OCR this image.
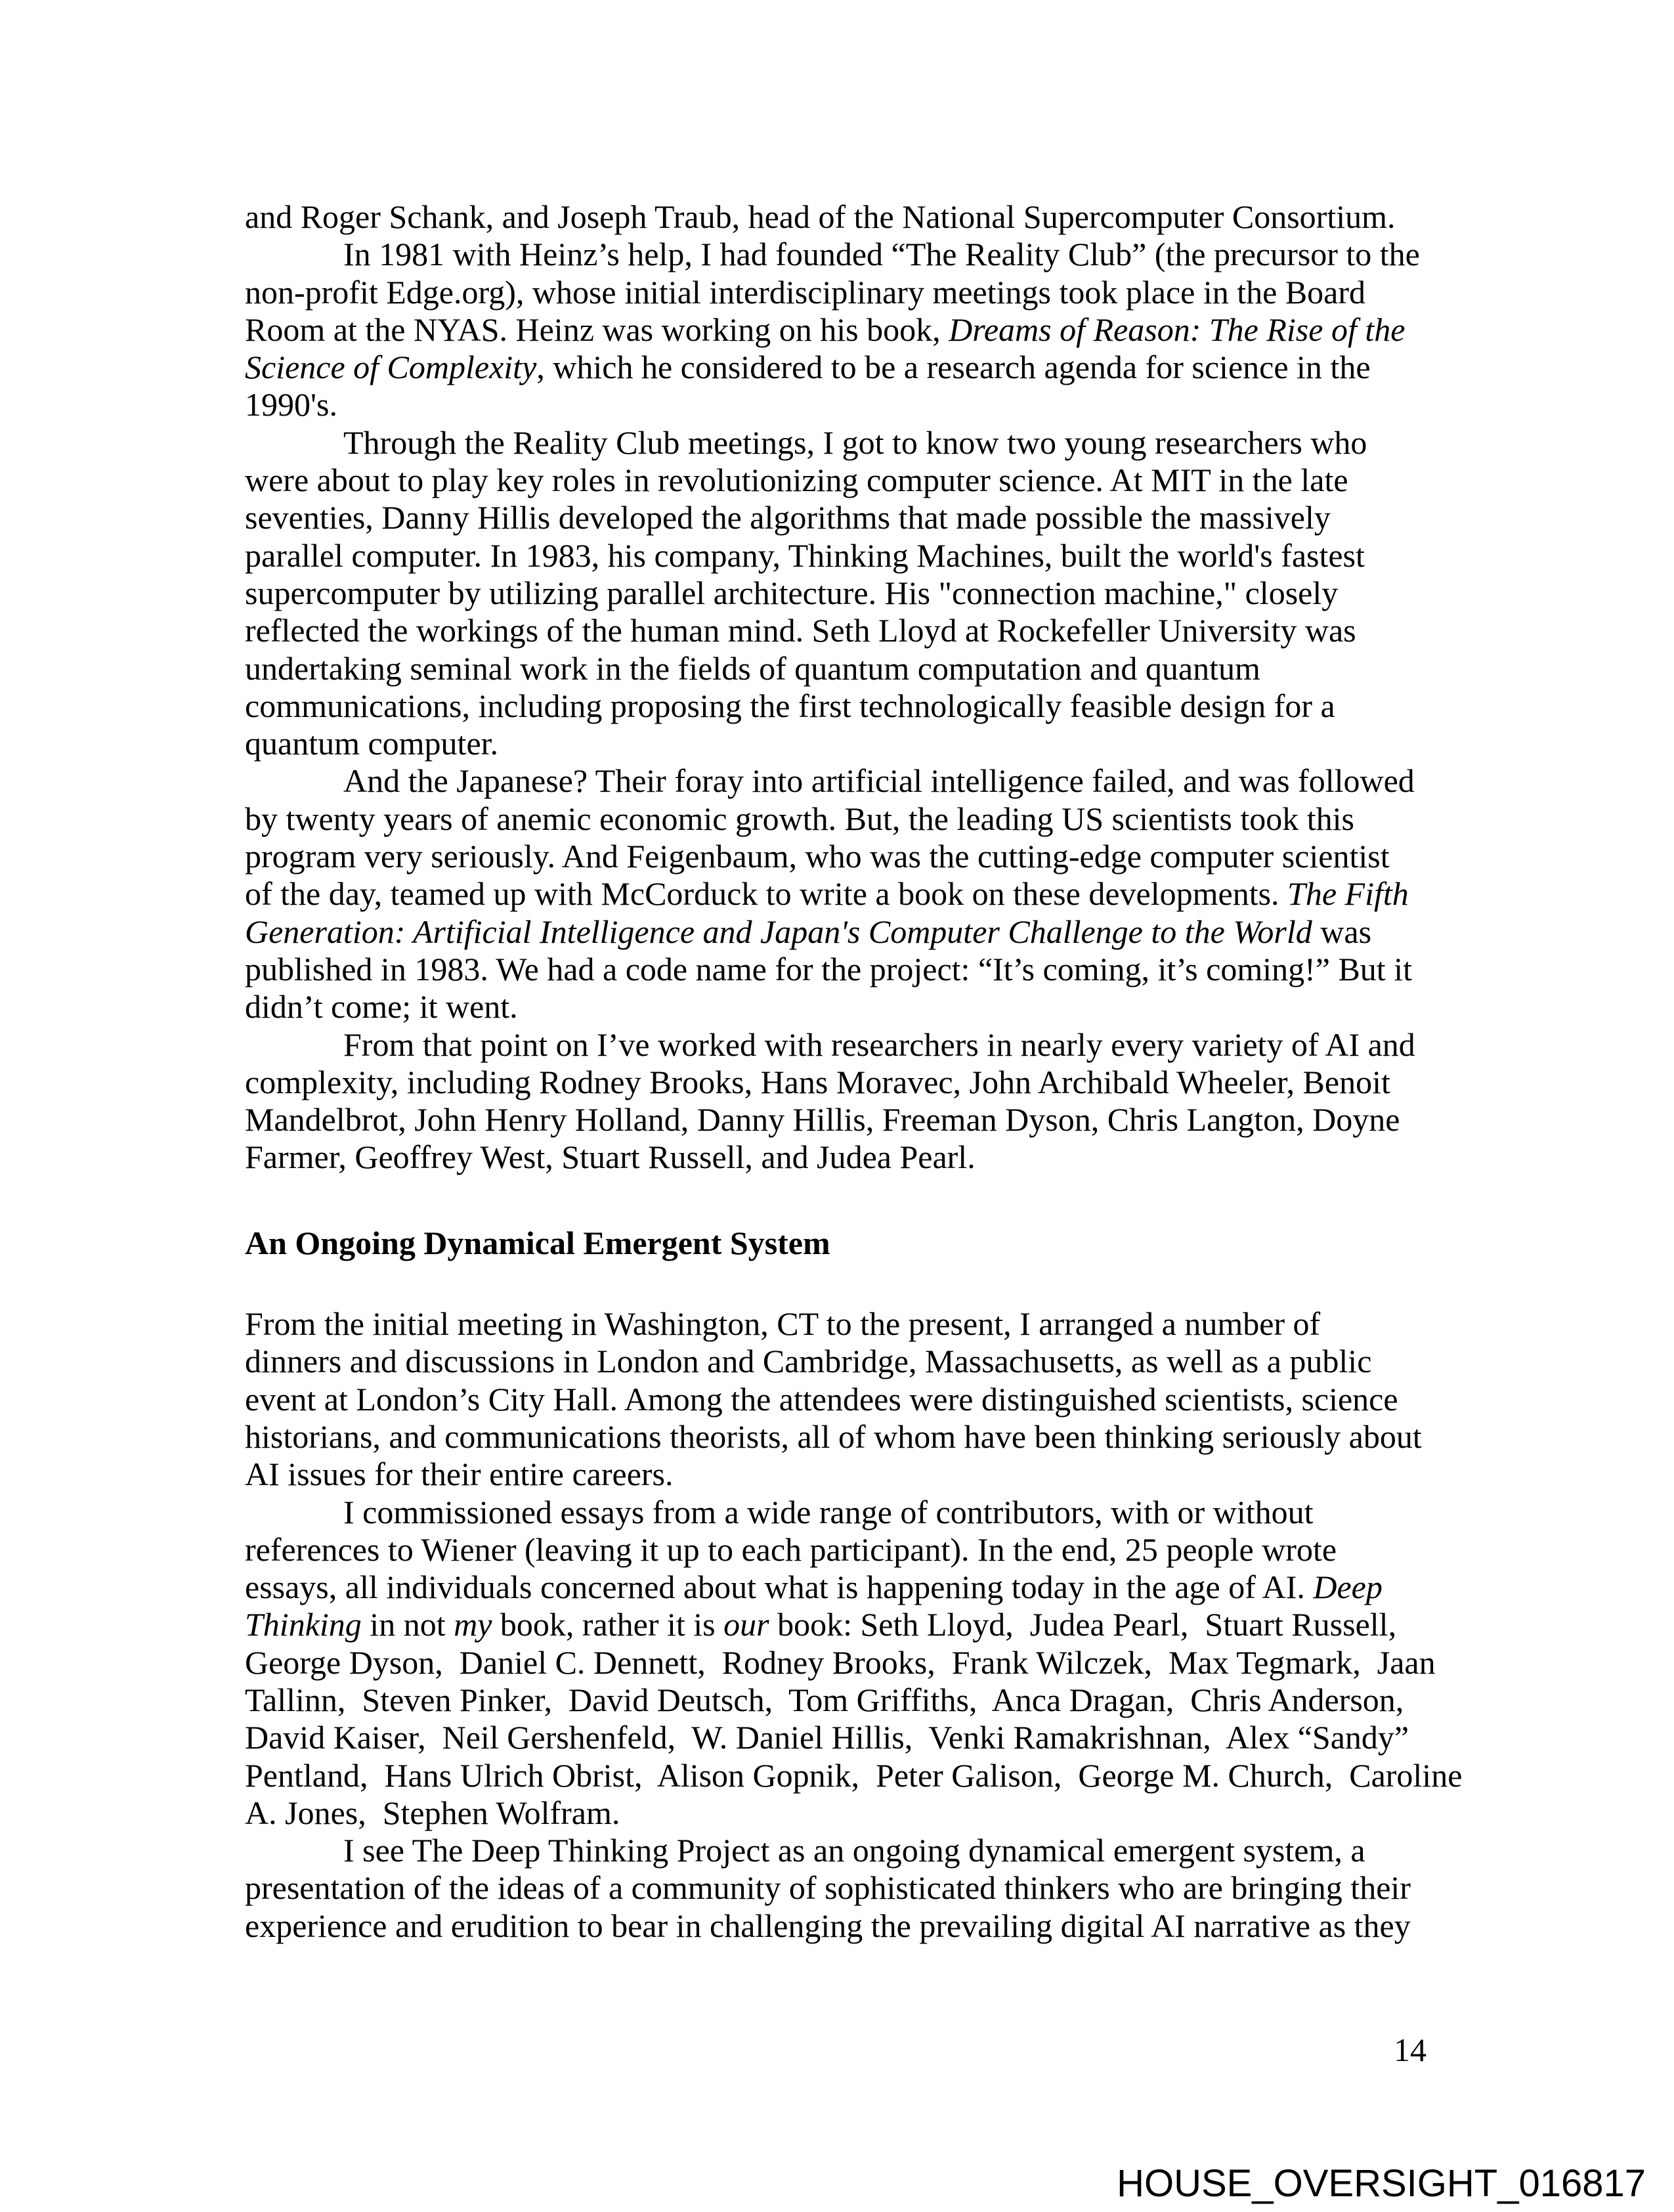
and Roger Schank, and Joseph Traub, head of the National Supercomputer Consortium.
In 1981 with Heinz’s help, I had founded “The Reality Club” (the precursor to the
non-profit Edge.org), whose initial interdisciplinary meetings took place in the Board
Room at the NYAS. Heinz was working on his book, Dreams of Reason: The Rise of the
Science of Complexity, which he considered to be a research agenda for science in the
1990's.
Through the Reality Club meetings, I got to know two young researchers who
were about to play key roles in revolutionizing computer science. At MIT in the late
seventies, Danny Hillis developed the algorithms that made possible the massively
parallel computer. In 1983, his company, Thinking Machines, built the world's fastest
supercomputer by utilizing parallel architecture. His "connection machine," closely
reflected the workings of the human mind. Seth Lloyd at Rockefeller University was
undertaking seminal work in the fields of quantum computation and quantum
communications, including proposing the first technologically feasible design for a
quantum computer.
And the Japanese? Their foray into artificial intelligence failed, and was followed
by twenty years of anemic economic growth. But, the leading US scientists took this
program very seriously. And Feigenbaum, who was the cutting-edge computer scientist
of the day, teamed up with McCorduck to write a book on these developments. The Fifth
Generation: Artificial Intelligence and Japan's Computer Challenge to the World was
published in 1983. We had a code name for the project: “It’s coming, it’s coming!” But it
didn’t come; it went.
From that point on I’ve worked with researchers in nearly every variety of AI and
complexity, including Rodney Brooks, Hans Moravec, John Archibald Wheeler, Benoit
Mandelbrot, John Henry Holland, Danny Hillis, Freeman Dyson, Chris Langton, Doyne
Farmer, Geoffrey West, Stuart Russell, and Judea Pearl.
An Ongoing Dynamical Emergent System
From the initial meeting in Washington, CT to the present, I arranged a number of
dinners and discussions in London and Cambridge, Massachusetts, as well as a public
event at London’s City Hall. Among the attendees were distinguished scientists, science
historians, and communications theorists, all of whom have been thinking seriously about
AI issues for their entire careers.
I commissioned essays from a wide range of contributors, with or without
references to Wiener (leaving it up to each participant). In the end, 25 people wrote
essays, all individuals concerned about what is happening today in the age of AI. Deep
Thinking in not my book, rather it is our book: Seth Lloyd,  Judea Pearl,  Stuart Russell,
George Dyson,  Daniel C. Dennett,  Rodney Brooks,  Frank Wilczek,  Max Tegmark,  Jaan
Tallinn,  Steven Pinker,  David Deutsch,  Tom Griffiths,  Anca Dragan,  Chris Anderson,
David Kaiser,  Neil Gershenfeld,  W. Daniel Hillis,  Venki Ramakrishnan,  Alex “Sandy”
Pentland,  Hans Ulrich Obrist,  Alison Gopnik,  Peter Galison,  George M. Church,  Caroline
A. Jones,  Stephen Wolfram.
I see The Deep Thinking Project as an ongoing dynamical emergent system, a
presentation of the ideas of a community of sophisticated thinkers who are bringing their
experience and erudition to bear in challenging the prevailing digital AI narrative as they
14
HOUSE_OVERSIGHT_016817
